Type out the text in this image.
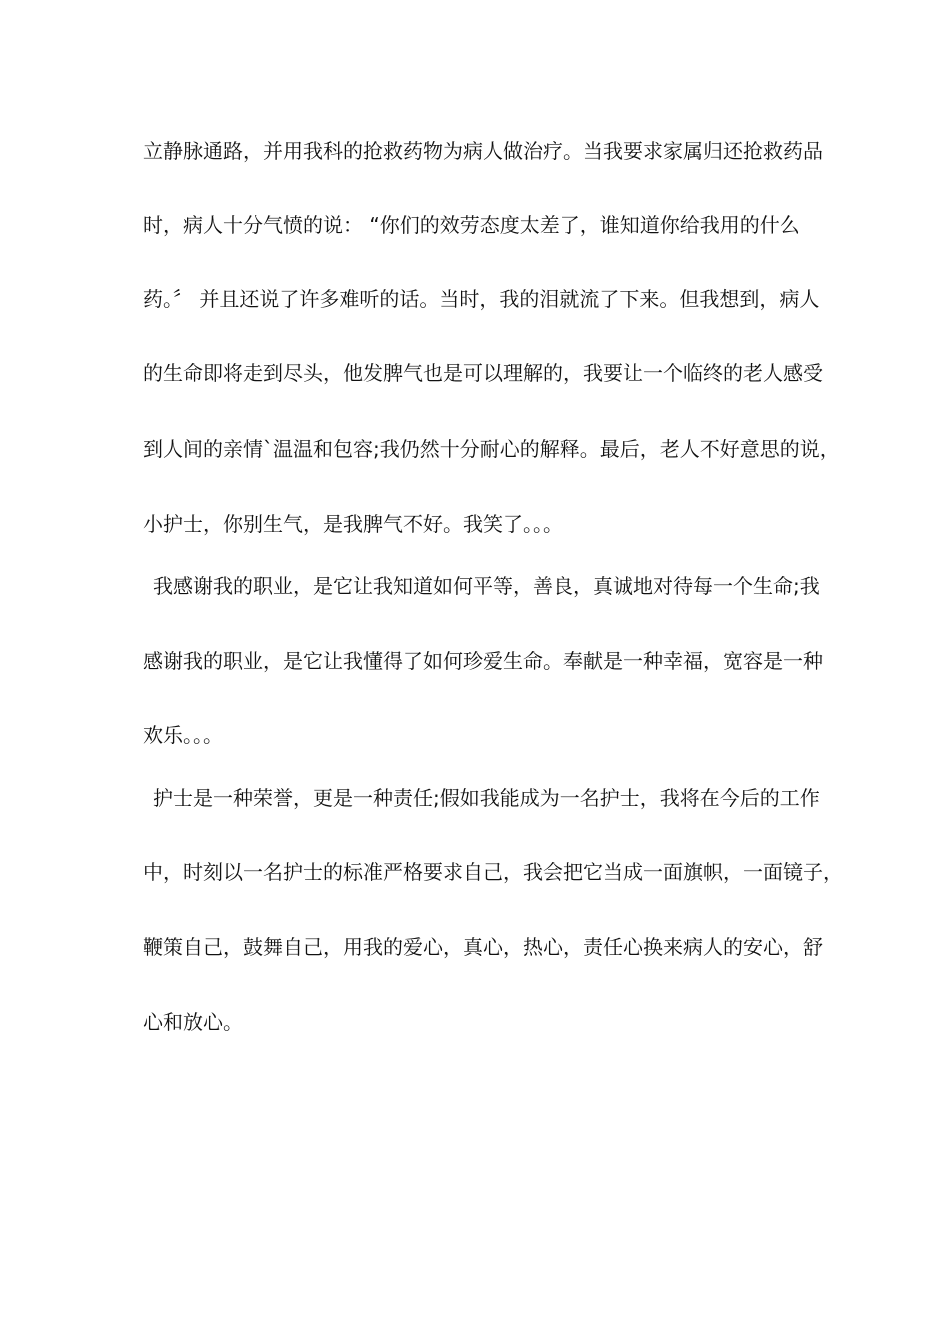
立静脉通路，并用我科的抢救药物为病人做治疗。当我要求家属归还抢救药品
时，病人十分气愤的说： “你们的效劳态度太差了，谁知道你给我用的什么
药。〞 并且还说了许多难听的话。当时，我的泪就流了下来。但我想到，病人
的生命即将走到尽头，他发脾气也是可以理解的，我要让一个临终的老人感受
到人间的亲情`温温和包容;我仍然十分耐心的解释。最后，老人不好意思的说，
小护士，你别生气，是我脾气不好。我笑了。。。
我感谢我的职业，是它让我知道如何平等，善良，真诚地对待每一个生命;我
感谢我的职业，是它让我懂得了如何珍爱生命。奉献是一种幸福，宽容是一种
欢乐。。。
护士是一种荣誉，更是一种责任;假如我能成为一名护士，我将在今后的工作
中，时刻以一名护士的标准严格要求自己，我会把它当成一面旗帜，一面镜子，
鞭策自己，鼓舞自己，用我的爱心，真心，热心，责任心换来病人的安心，舒
心和放心。
